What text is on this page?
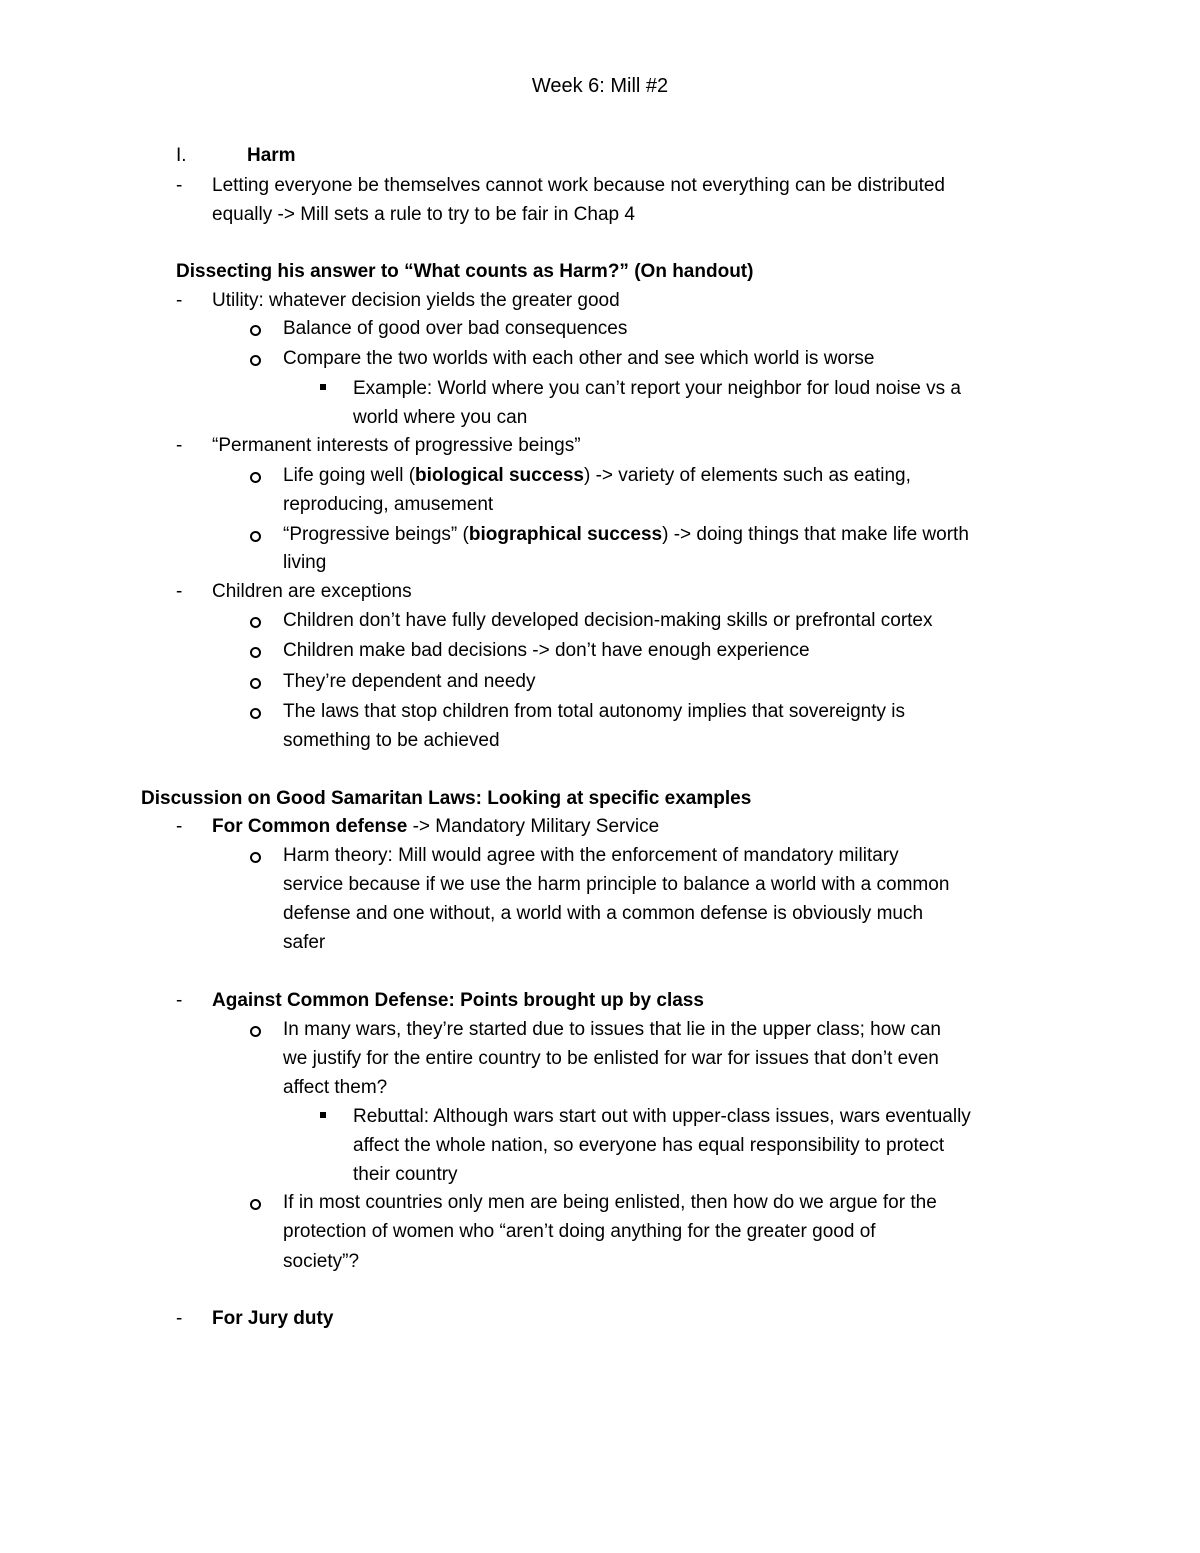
Week 6: Mill #2
I.	Harm
- Letting everyone be themselves cannot work because not everything can be distributed
equally -> Mill sets a rule to try to be fair in Chap 4
Dissecting his answer to “What counts as Harm?” (On handout)
- Utility: whatever decision yields the greater good
Balance of good over bad consequences
Compare the two worlds with each other and see which world is worse
Example: World where you can’t report your neighbor for loud noise vs a
world where you can
- “Permanent interests of progressive beings”
Life going well (biological success) -> variety of elements such as eating,
reproducing, amusement
“Progressive beings” (biographical success) -> doing things that make life worth
living
- Children are exceptions
Children don’t have fully developed decision-making skills or prefrontal cortex
Children make bad decisions -> don’t have enough experience
They’re dependent and needy
The laws that stop children from total autonomy implies that sovereignty is
something to be achieved
Discussion on Good Samaritan Laws: Looking at specific examples
- For Common defense -> Mandatory Military Service
Harm theory: Mill would agree with the enforcement of mandatory military
service because if we use the harm principle to balance a world with a common
defense and one without, a world with a common defense is obviously much
safer
- Against Common Defense: Points brought up by class
In many wars, they’re started due to issues that lie in the upper class; how can
we justify for the entire country to be enlisted for war for issues that don’t even
affect them?
Rebuttal: Although wars start out with upper-class issues, wars eventually
affect the whole nation, so everyone has equal responsibility to protect
their country
If in most countries only men are being enlisted, then how do we argue for the
protection of women who “aren’t doing anything for the greater good of
society”?
- For Jury duty
